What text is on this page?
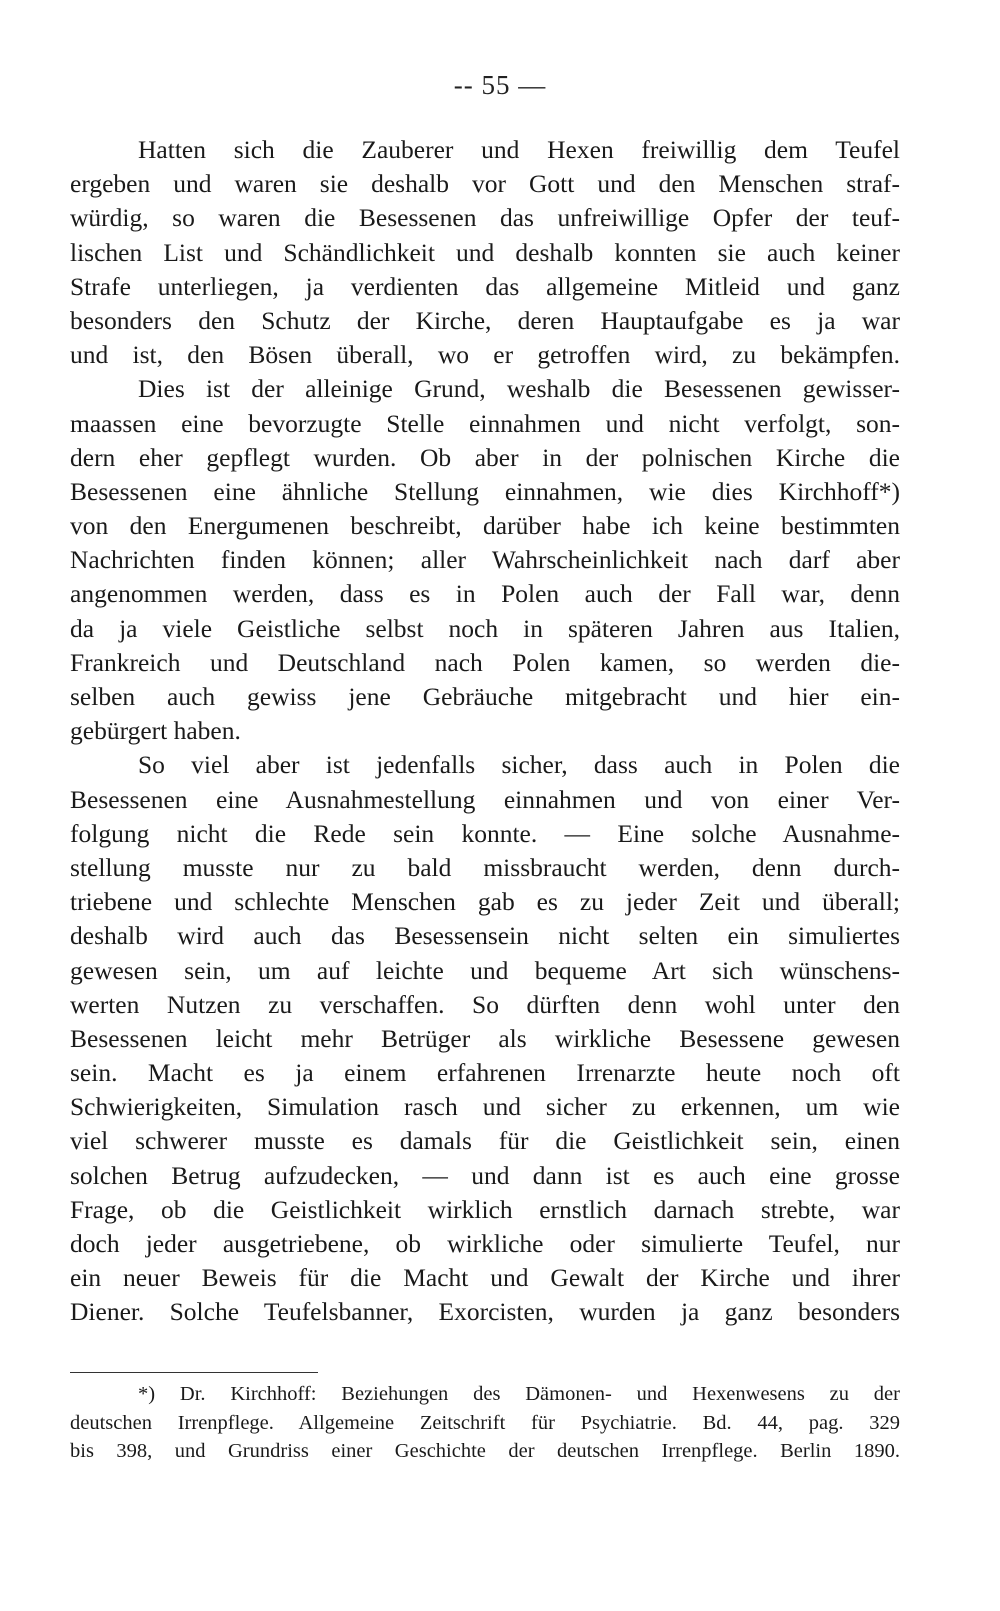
-- 55 —
Hatten sich die Zauberer und Hexen freiwillig dem Teufel
ergeben und waren sie deshalb vor Gott und den Menschen straf-
würdig, so waren die Besessenen das unfreiwillige Opfer der teuf-
lischen List und Schändlichkeit und deshalb konnten sie auch keiner
Strafe unterliegen, ja verdienten das allgemeine Mitleid und ganz
besonders den Schutz der Kirche, deren Hauptaufgabe es ja war
und ist, den Bösen überall, wo er getroffen wird, zu bekämpfen.
Dies ist der alleinige Grund, weshalb die Besessenen gewisser-
maassen eine bevorzugte Stelle einnahmen und nicht verfolgt, son-
dern eher gepflegt wurden. Ob aber in der polnischen Kirche die
Besessenen eine ähnliche Stellung einnahmen, wie dies Kirchhoff*)
von den Energumenen beschreibt, darüber habe ich keine bestimmten
Nachrichten finden können; aller Wahrscheinlichkeit nach darf aber
angenommen werden, dass es in Polen auch der Fall war, denn
da ja viele Geistliche selbst noch in späteren Jahren aus Italien,
Frankreich und Deutschland nach Polen kamen, so werden die-
selben auch gewiss jene Gebräuche mitgebracht und hier ein-
gebürgert haben.
So viel aber ist jedenfalls sicher, dass auch in Polen die
Besessenen eine Ausnahmestellung einnahmen und von einer Ver-
folgung nicht die Rede sein konnte. — Eine solche Ausnahme-
stellung musste nur zu bald missbraucht werden, denn durch-
triebene und schlechte Menschen gab es zu jeder Zeit und überall;
deshalb wird auch das Besessensein nicht selten ein simuliertes
gewesen sein, um auf leichte und bequeme Art sich wünschens-
werten Nutzen zu verschaffen. So dürften denn wohl unter den
Besessenen leicht mehr Betrüger als wirkliche Besessene gewesen
sein. Macht es ja einem erfahrenen Irrenarzte heute noch oft
Schwierigkeiten, Simulation rasch und sicher zu erkennen, um wie
viel schwerer musste es damals für die Geistlichkeit sein, einen
solchen Betrug aufzudecken, — und dann ist es auch eine grosse
Frage, ob die Geistlichkeit wirklich ernstlich darnach strebte, war
doch jeder ausgetriebene, ob wirkliche oder simulierte Teufel, nur
ein neuer Beweis für die Macht und Gewalt der Kirche und ihrer
Diener. Solche Teufelsbanner, Exorcisten, wurden ja ganz besonders
*) Dr. Kirchhoff: Beziehungen des Dämonen- und Hexenwesens zu der
deutschen Irrenpflege. Allgemeine Zeitschrift für Psychiatrie. Bd. 44, pag. 329
bis 398, und Grundriss einer Geschichte der deutschen Irrenpflege. Berlin 1890.
